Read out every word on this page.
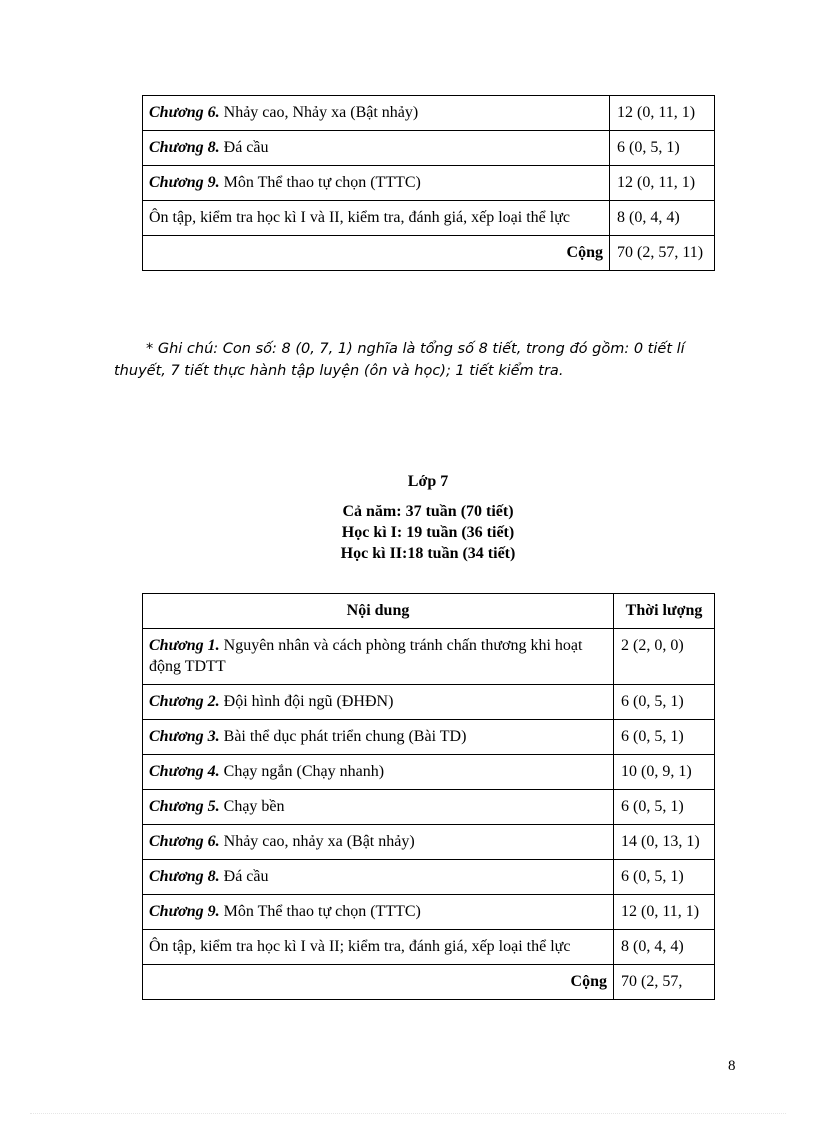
Chương 6. Nhảy cao, Nhảy xa (Bật nhảy)	12 (0, 11, 1)
Chương 8. Đá cầu	6 (0, 5, 1)
Chương 9. Môn Thể thao tự chọn (TTTC)	12 (0, 11, 1)
Ôn tập, kiểm tra học kì I và II, kiểm tra, đánh giá, xếp loại thể lực	8 (0, 4, 4)
Cộng	70 (2, 57, 11)
* Ghi chú: Con số: 8 (0, 7, 1) nghĩa là tổng số 8 tiết, trong đó gồm: 0 tiết lí thuyết, 7 tiết thực hành tập luyện (ôn và học); 1 tiết kiểm tra.
Lớp 7
Cả năm: 37 tuần (70 tiết)
Học kì I: 19 tuần (36 tiết)
Học kì II:18 tuần (34 tiết)
Nội dung	Thời lượng
Chương 1. Nguyên nhân và cách phòng tránh chấn thương khi hoạt động TDTT	2 (2, 0, 0)
Chương 2. Đội hình đội ngũ (ĐHĐN)	6 (0, 5, 1)
Chương 3. Bài thể dục phát triển chung (Bài TD)	6 (0, 5, 1)
Chương 4. Chạy ngắn (Chạy nhanh)	10 (0, 9, 1)
Chương 5. Chạy bền	6 (0, 5, 1)
Chương 6. Nhảy cao, nhảy xa (Bật nhảy)	14 (0, 13, 1)
Chương 8. Đá cầu	6 (0, 5, 1)
Chương 9. Môn Thể thao tự chọn (TTTC)	12 (0, 11, 1)
Ôn tập, kiểm tra học kì I và II; kiểm tra, đánh giá, xếp loại thể lực	8 (0, 4, 4)
Cộng	70 (2, 57,
8
